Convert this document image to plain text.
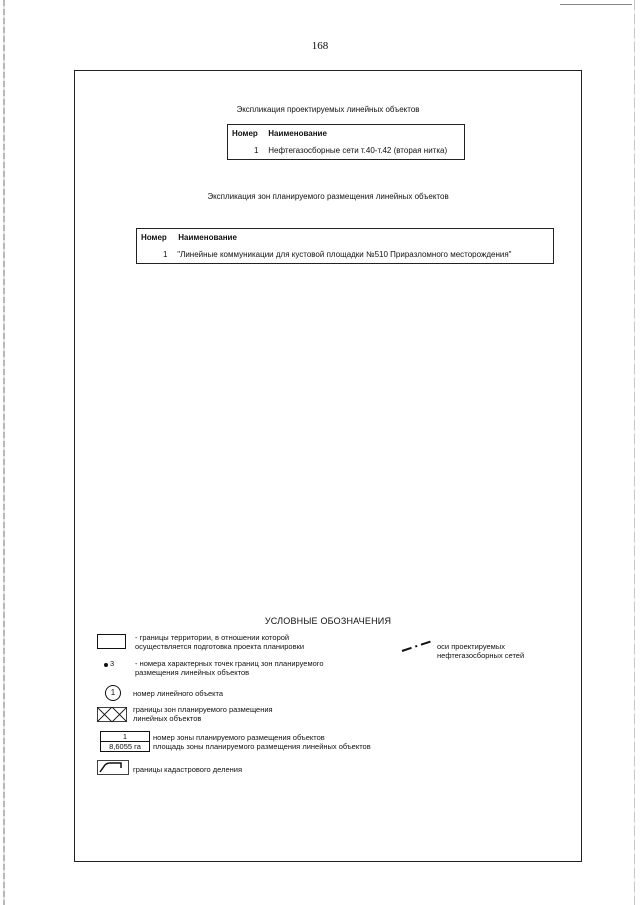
168
Экспликация проектируемых линейных объектов
Номер Наименование
1 Нефтегазосборные сети т.40-т.42 (вторая нитка)
Экспликация зон планируемого размещения линейных объектов
Номер Наименование
1 "Линейные коммуникации для кустовой площадки №510 Приразломного месторождения"
УСЛОВНЫЕ ОБОЗНАЧЕНИЯ
- границы территории, в отношении которой
осуществляется подготовка проекта планировки	оси проектируемых
нефтегазосборных сетей
3	- номера характерных точек границ зон планируемого
размещения линейных объектов
1	номер линейного объекта
границы зон планируемого размещения
линейных объектов
1
8,6055 га
номер зоны планируемого размещения объектов
площадь зоны планируемого размещения линейных объектов
границы кадастрового деления
